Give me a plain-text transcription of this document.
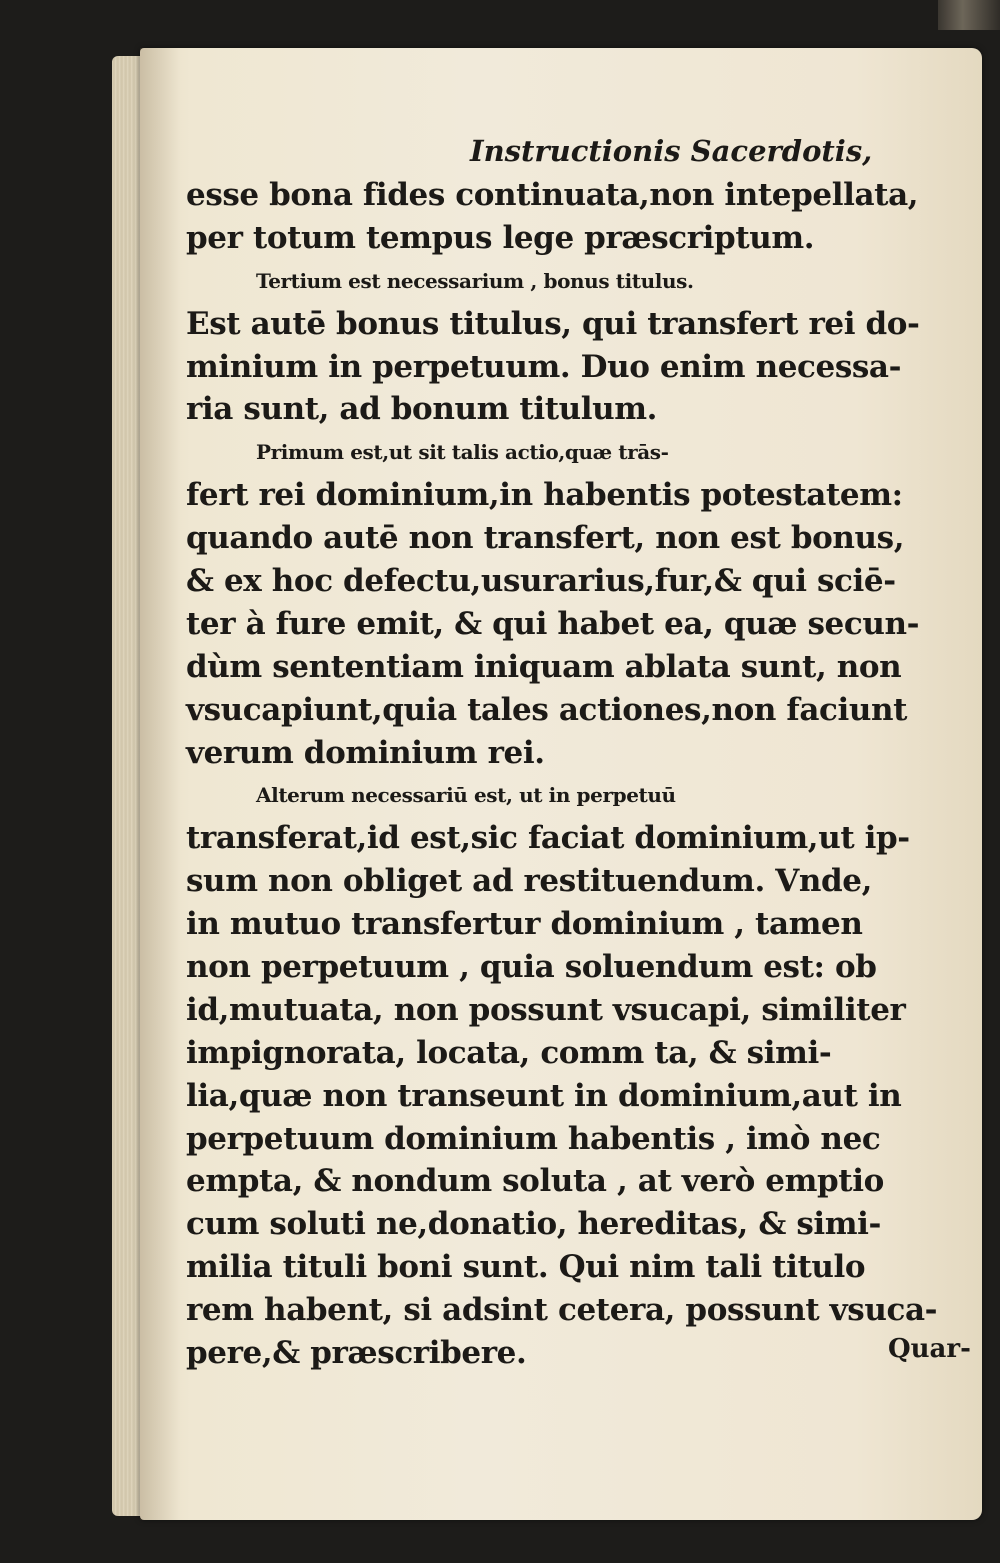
Instructionis Sacerdotis,
esse bona fides continuata,non intepellata,
per totum tempus lege præscriptum.
Tertium est necessarium , bonus titulus.
Est autē bonus titulus, qui transfert rei do-
minium in perpetuum. Duo enim necessa-
ria sunt, ad bonum titulum.
Primum est,ut sit talis actio,quæ trās-
fert rei dominium,in habentis potestatem:
quando autē non transfert, non est bonus,
& ex hoc defectu,usurarius,fur,& qui sciē-
ter à fure emit, & qui habet ea, quæ secun-
dùm sententiam iniquam ablata sunt, non
vsucapiunt,quia tales actiones,non faciunt
verum dominium rei.
Alterum necessariū est, ut in perpetuū
transferat,id est,sic faciat dominium,ut ip-
sum non obliget ad restituendum. Vnde,
in mutuo transfertur dominium , tamen
non perpetuum , quia soluendum est: ob
id,mutuata, non possunt vsucapi, similiter
impignorata, locata, comm ta, & simi-
lia,quæ non transeunt in dominium,aut in
perpetuum dominium habentis , imò nec
empta, & nondum soluta , at verò emptio
cum soluti ne,donatio, hereditas, & simi-
milia tituli boni sunt. Qui nim tali titulo
rem habent, si adsint cetera, possunt vsuca-
pere,& præscribere.	Quar-
